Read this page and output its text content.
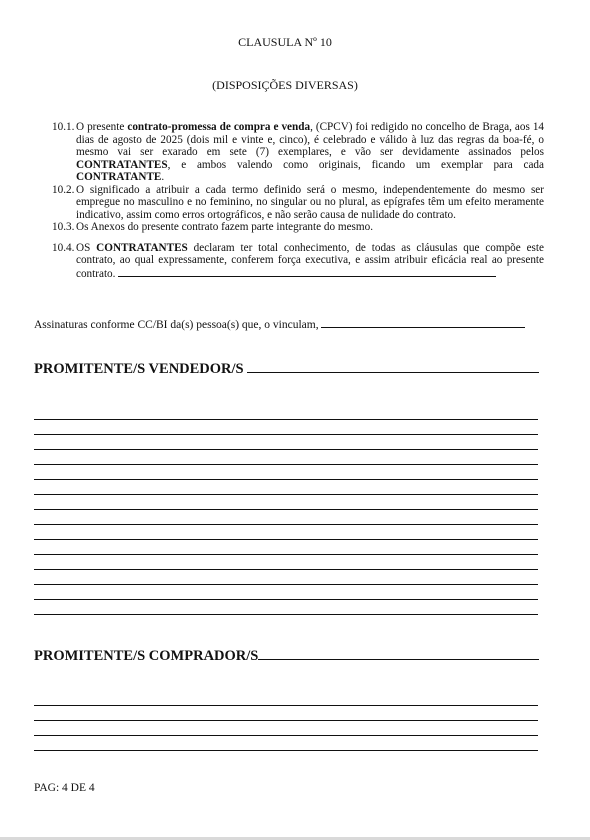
CLAUSULA Nº 10
(DISPOSIÇÕES DIVERSAS)
10.1. O presente contrato-promessa de compra e venda, (CPCV) foi redigido no concelho de Braga, aos 14 dias de agosto de 2025 (dois mil e vinte e, cinco), é celebrado e válido à luz das regras da boa-fé, o mesmo vai ser exarado em sete (7) exemplares, e vão ser devidamente assinados pelos CONTRATANTES, e ambos valendo como originais, ficando um exemplar para cada CONTRATANTE.
10.2. O significado a atribuir a cada termo definido será o mesmo, independentemente do mesmo ser empregue no masculino e no feminino, no singular ou no plural, as epígrafes têm um efeito meramente indicativo, assim como erros ortográficos, e não serão causa de nulidade do contrato.
10.3. Os Anexos do presente contrato fazem parte integrante do mesmo.
10.4. OS CONTRATANTES declaram ter total conhecimento, de todas as cláusulas que compõe este contrato, ao qual expressamente, conferem força executiva, e assim atribuir eficácia real ao presente contrato.
Assinaturas conforme CC/BI da(s) pessoa(s) que, o vinculam,
PROMITENTE/S VENDEDOR/S
PROMITENTE/S COMPRADOR/S
PAG: 4 DE 4
